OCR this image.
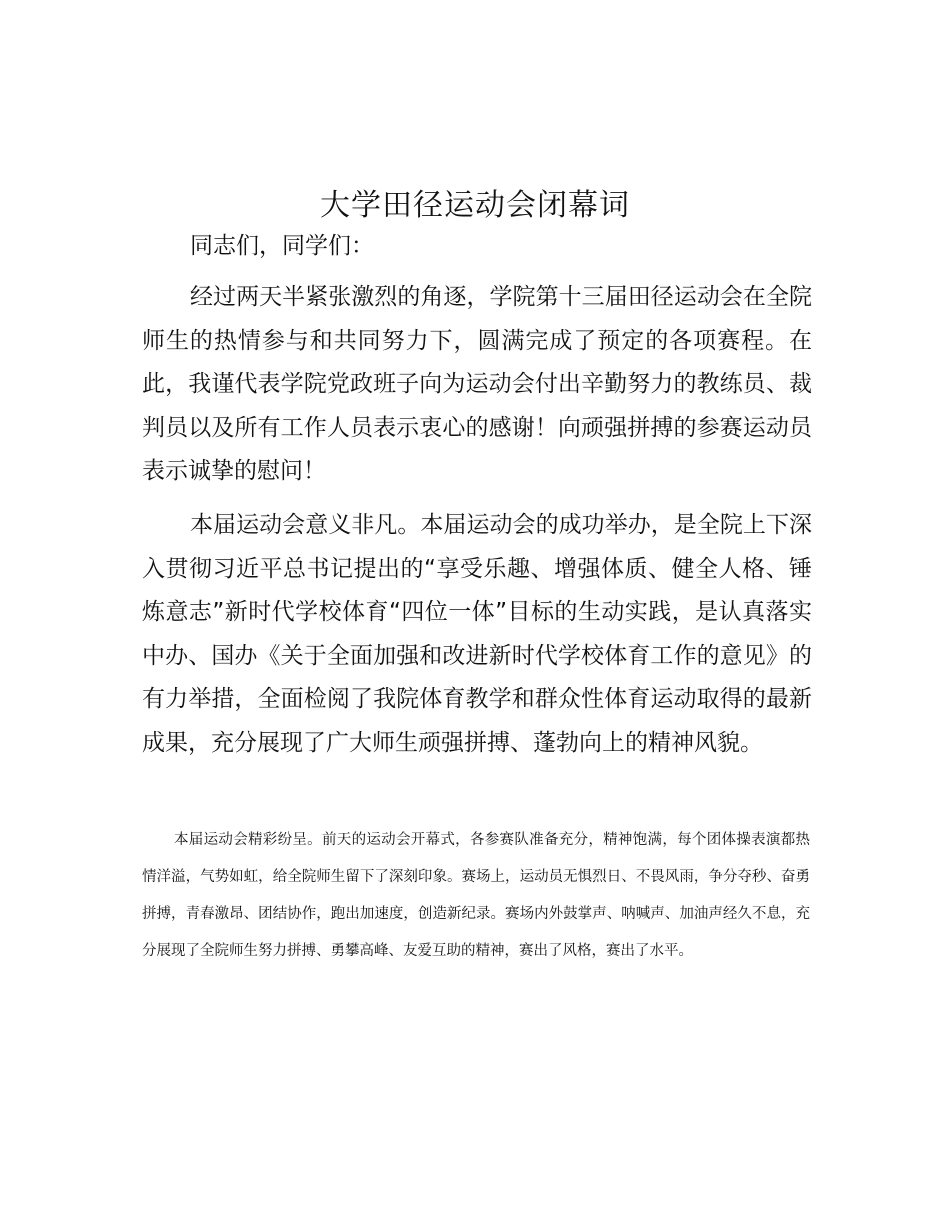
大学田径运动会闭幕词
同志们，同学们：

经过两天半紧张激烈的角逐，学院第十三届田径运动会在全院师生的热情参与和共同努力下，圆满完成了预定的各项赛程。在此，我谨代表学院党政班子向为运动会付出辛勤努力的教练员、裁判员以及所有工作人员表示衷心的感谢！向顽强拼搏的参赛运动员表示诚挚的慰问！

本届运动会意义非凡。本届运动会的成功举办，是全院上下深入贯彻习近平总书记提出的“享受乐趣、增强体质、健全人格、锤炼意志”新时代学校体育“四位一体”目标的生动实践，是认真落实中办、国办《关于全面加强和改进新时代学校体育工作的意见》的有力举措，全面检阅了我院体育教学和群众性体育运动取得的最新成果，充分展现了广大师生顽强拼搏、蓬勃向上的精神风貌。

本届运动会精彩纷呈。前天的运动会开幕式，各参赛队准备充分，精神饱满，每个团体操表演都热情洋溢，气势如虹，给全院师生留下了深刻印象。赛场上，运动员无惧烈日、不畏风雨，争分夺秒、奋勇拼搏，青春激昂、团结协作，跑出加速度，创造新纪录。赛场内外鼓掌声、呐喊声、加油声经久不息，充分展现了全院师生努力拼搏、勇攀高峰、友爱互助的精神，赛出了风格，赛出了水平。
